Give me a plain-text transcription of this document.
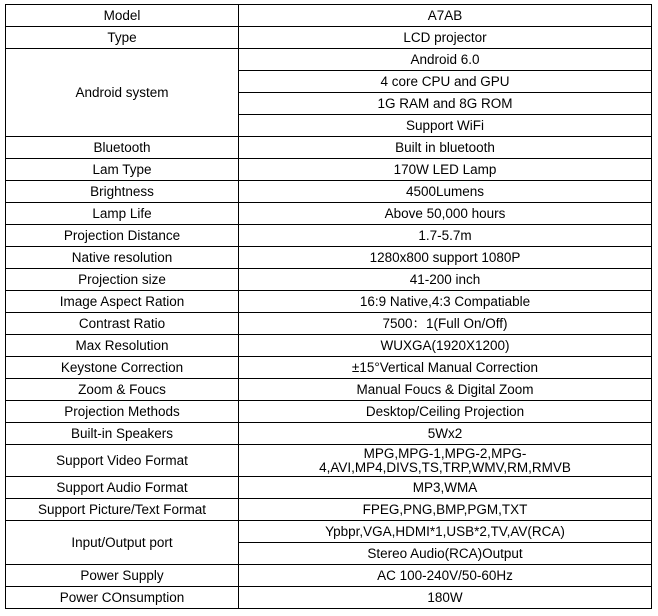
Model	A7AB
Type	LCD projector
Android system	Android 6.0
	4 core CPU and GPU
	1G RAM and 8G ROM
	Support WiFi
Bluetooth	Built in bluetooth
Lam Type	170W LED Lamp
Brightness	4500Lumens
Lamp Life	Above 50,000 hours
Projection Distance	1.7-5.7m
Native resolution	1280x800 support 1080P
Projection size	41-200 inch
Image Aspect Ration	16:9 Native,4:3 Compatiable
Contrast Ratio	7500：1(Full On/Off)
Max Resolution	WUXGA(1920X1200)
Keystone Correction	±15°Vertical Manual Correction
Zoom & Foucs	Manual Foucs & Digital Zoom
Projection Methods	Desktop/Ceiling Projection
Built-in Speakers	5Wx2
Support Video Format	MPG,MPG-1,MPG-2,MPG-4,AVI,MP4,DIVS,TS,TRP,WMV,RM,RMVB
Support Audio Format	MP3,WMA
Support Picture/Text Format	FPEG,PNG,BMP,PGM,TXT
Input/Output port	Ypbpr,VGA,HDMI*1,USB*2,TV,AV(RCA)
	Stereo Audio(RCA)Output
Power Supply	AC 100-240V/50-60Hz
Power COnsumption	180W
